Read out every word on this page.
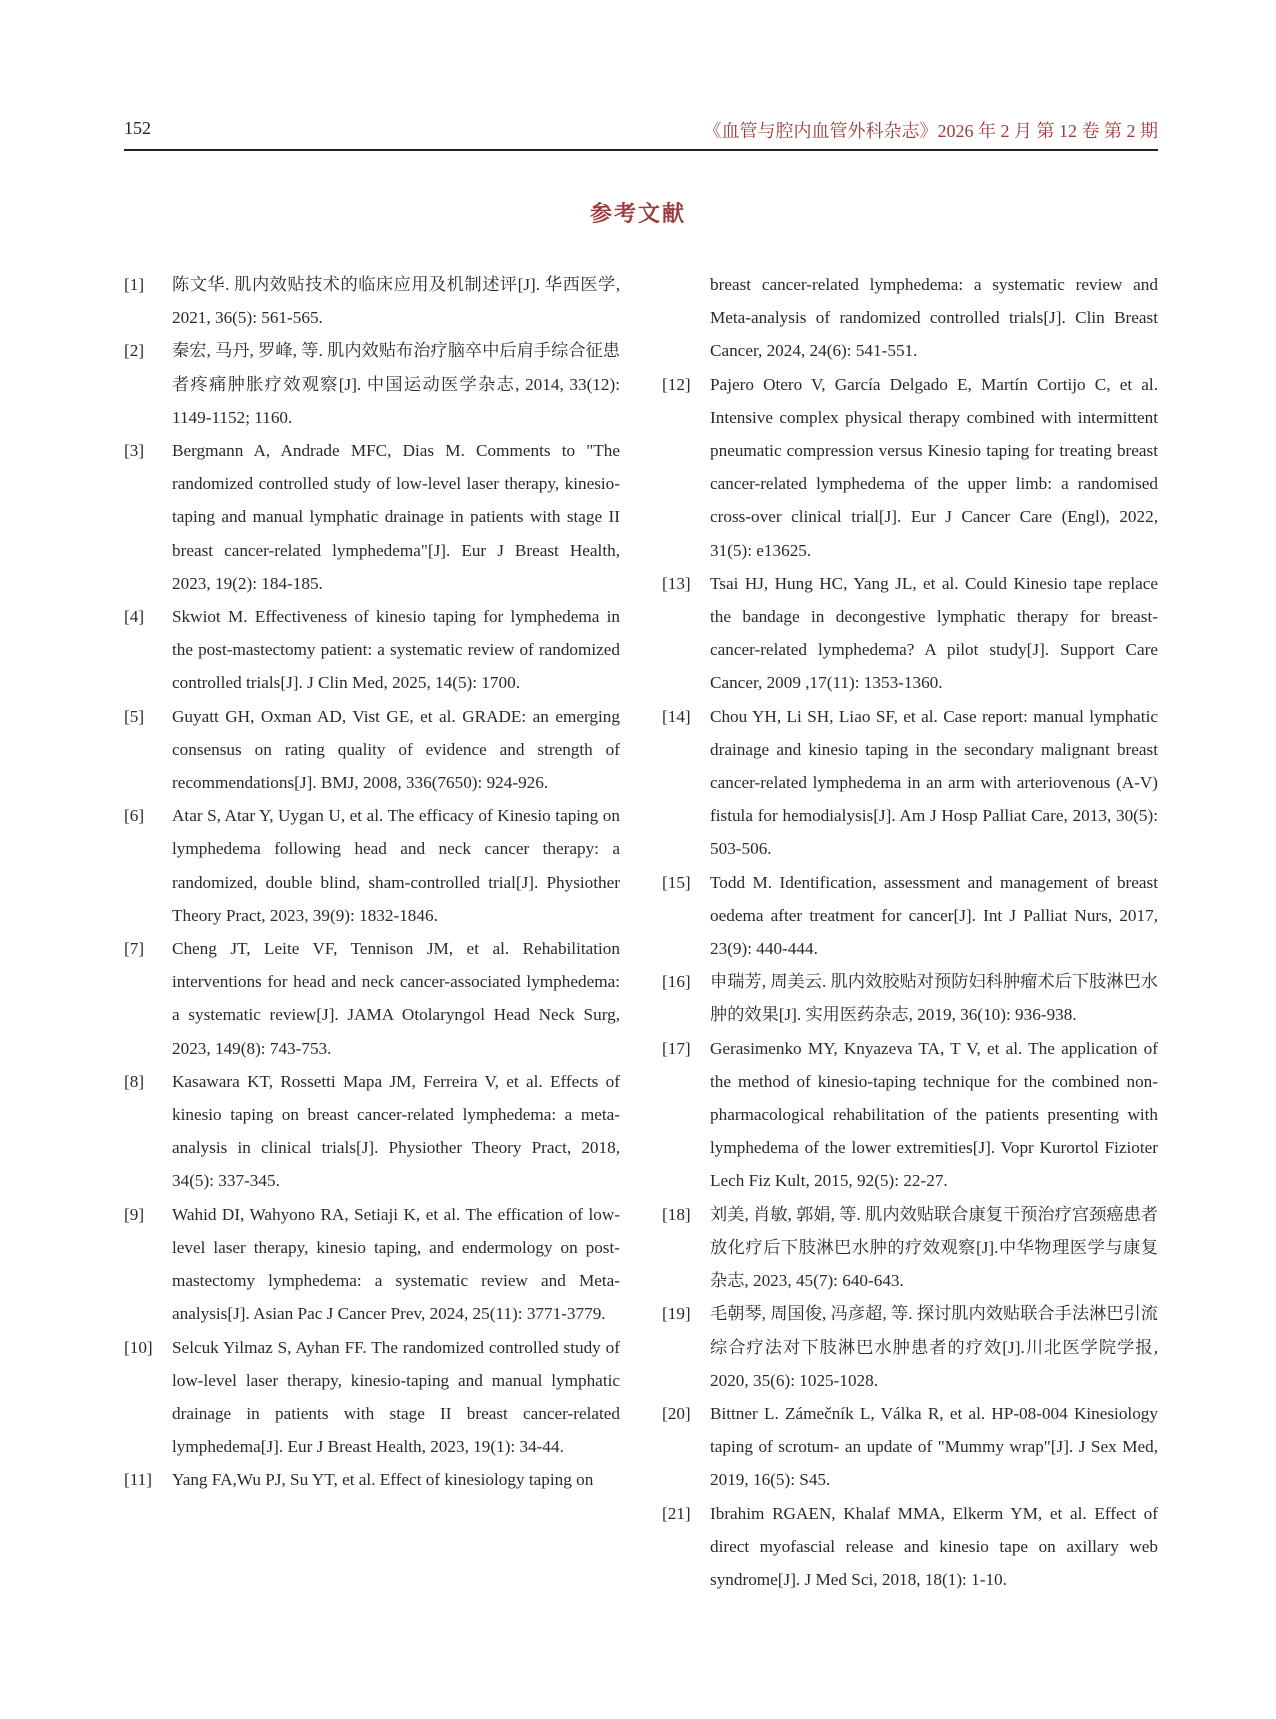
152	《血管与腔内血管外科杂志》2026 年 2 月 第 12 卷 第 2 期
参考文献

[1] 陈文华. 肌内效贴技术的临床应用及机制述评[J]. 华西医学, 2021, 36(5): 561-565.

[2] 秦宏, 马丹, 罗峰, 等. 肌内效贴布治疗脑卒中后肩手综合征患者疼痛肿胀疗效观察[J]. 中国运动医学杂志, 2014, 33(12): 1149-1152; 1160.

[3] Bergmann A, Andrade MFC, Dias M. Comments to "The randomized controlled study of low-level laser therapy, kinesio-taping and manual lymphatic drainage in patients with stage II breast cancer-related lymphedema"[J]. Eur J Breast Health, 2023, 19(2): 184-185.

[4] Skwiot M. Effectiveness of kinesio taping for lymphedema in the post-mastectomy patient: a systematic review of randomized controlled trials[J]. J Clin Med, 2025, 14(5): 1700.

[5] Guyatt GH, Oxman AD, Vist GE, et al. GRADE: an emerging consensus on rating quality of evidence and strength of recommendations[J]. BMJ, 2008, 336(7650): 924-926.

[6] Atar S, Atar Y, Uygan U, et al. The efficacy of Kinesio taping on lymphedema following head and neck cancer therapy: a randomized, double blind, sham-controlled trial[J]. Physiother Theory Pract, 2023, 39(9): 1832-1846.

[7] Cheng JT, Leite VF, Tennison JM, et al. Rehabilitation interventions for head and neck cancer-associated lymphedema: a systematic review[J]. JAMA Otolaryngol Head Neck Surg, 2023, 149(8): 743-753.

[8] Kasawara KT, Rossetti Mapa JM, Ferreira V, et al. Effects of kinesio taping on breast cancer-related lymphedema: a meta-analysis in clinical trials[J]. Physiother Theory Pract, 2018, 34(5): 337-345.

[9] Wahid DI, Wahyono RA, Setiaji K, et al. The effication of low-level laser therapy, kinesio taping, and endermology on post-mastectomy lymphedema: a systematic review and Meta-analysis[J]. Asian Pac J Cancer Prev, 2024, 25(11): 3771-3779.

[10] Selcuk Yilmaz S, Ayhan FF. The randomized controlled study of low-level laser therapy, kinesio-taping and manual lymphatic drainage in patients with stage II breast cancer-related lymphedema[J]. Eur J Breast Health, 2023, 19(1): 34-44.

[11] Yang FA,Wu PJ, Su YT, et al. Effect of kinesiology taping on

breast cancer-related lymphedema: a systematic review and Meta-analysis of randomized controlled trials[J]. Clin Breast Cancer, 2024, 24(6): 541-551.

[12] Pajero Otero V, García Delgado E, Martín Cortijo C, et al. Intensive complex physical therapy combined with intermittent pneumatic compression versus Kinesio taping for treating breast cancer-related lymphedema of the upper limb: a randomised cross-over clinical trial[J]. Eur J Cancer Care (Engl), 2022, 31(5): e13625.

[13] Tsai HJ, Hung HC, Yang JL, et al. Could Kinesio tape replace the bandage in decongestive lymphatic therapy for breast-cancer-related lymphedema? A pilot study[J]. Support Care Cancer, 2009 ,17(11): 1353-1360.

[14] Chou YH, Li SH, Liao SF, et al. Case report: manual lymphatic drainage and kinesio taping in the secondary malignant breast cancer-related lymphedema in an arm with arteriovenous (A-V) fistula for hemodialysis[J]. Am J Hosp Palliat Care, 2013, 30(5): 503-506.

[15] Todd M. Identification, assessment and management of breast oedema after treatment for cancer[J]. Int J Palliat Nurs, 2017, 23(9): 440-444.

[16] 申瑞芳, 周美云. 肌内效胶贴对预防妇科肿瘤术后下肢淋巴水肿的效果[J]. 实用医药杂志, 2019, 36(10): 936-938.

[17] Gerasimenko MY, Knyazeva TA, T V, et al. The application of the method of kinesio-taping technique for the combined non-pharmacological rehabilitation of the patients presenting with lymphedema of the lower extremities[J]. Vopr Kurortol Fizioter Lech Fiz Kult, 2015, 92(5): 22-27.

[18] 刘美, 肖敏, 郭娟, 等. 肌内效贴联合康复干预治疗宫颈癌患者放化疗后下肢淋巴水肿的疗效观察[J].中华物理医学与康复杂志, 2023, 45(7): 640-643.

[19] 毛朝琴, 周国俊, 冯彦超, 等. 探讨肌内效贴联合手法淋巴引流综合疗法对下肢淋巴水肿患者的疗效[J].川北医学院学报, 2020, 35(6): 1025-1028.

[20] Bittner L. Zámečník L, Válka R, et al. HP-08-004 Kinesiology taping of scrotum- an update of "Mummy wrap"[J]. J Sex Med, 2019, 16(5): S45.

[21] Ibrahim RGAEN, Khalaf MMA, Elkerm YM, et al. Effect of direct myofascial release and kinesio tape on axillary web syndrome[J]. J Med Sci, 2018, 18(1): 1-10.
